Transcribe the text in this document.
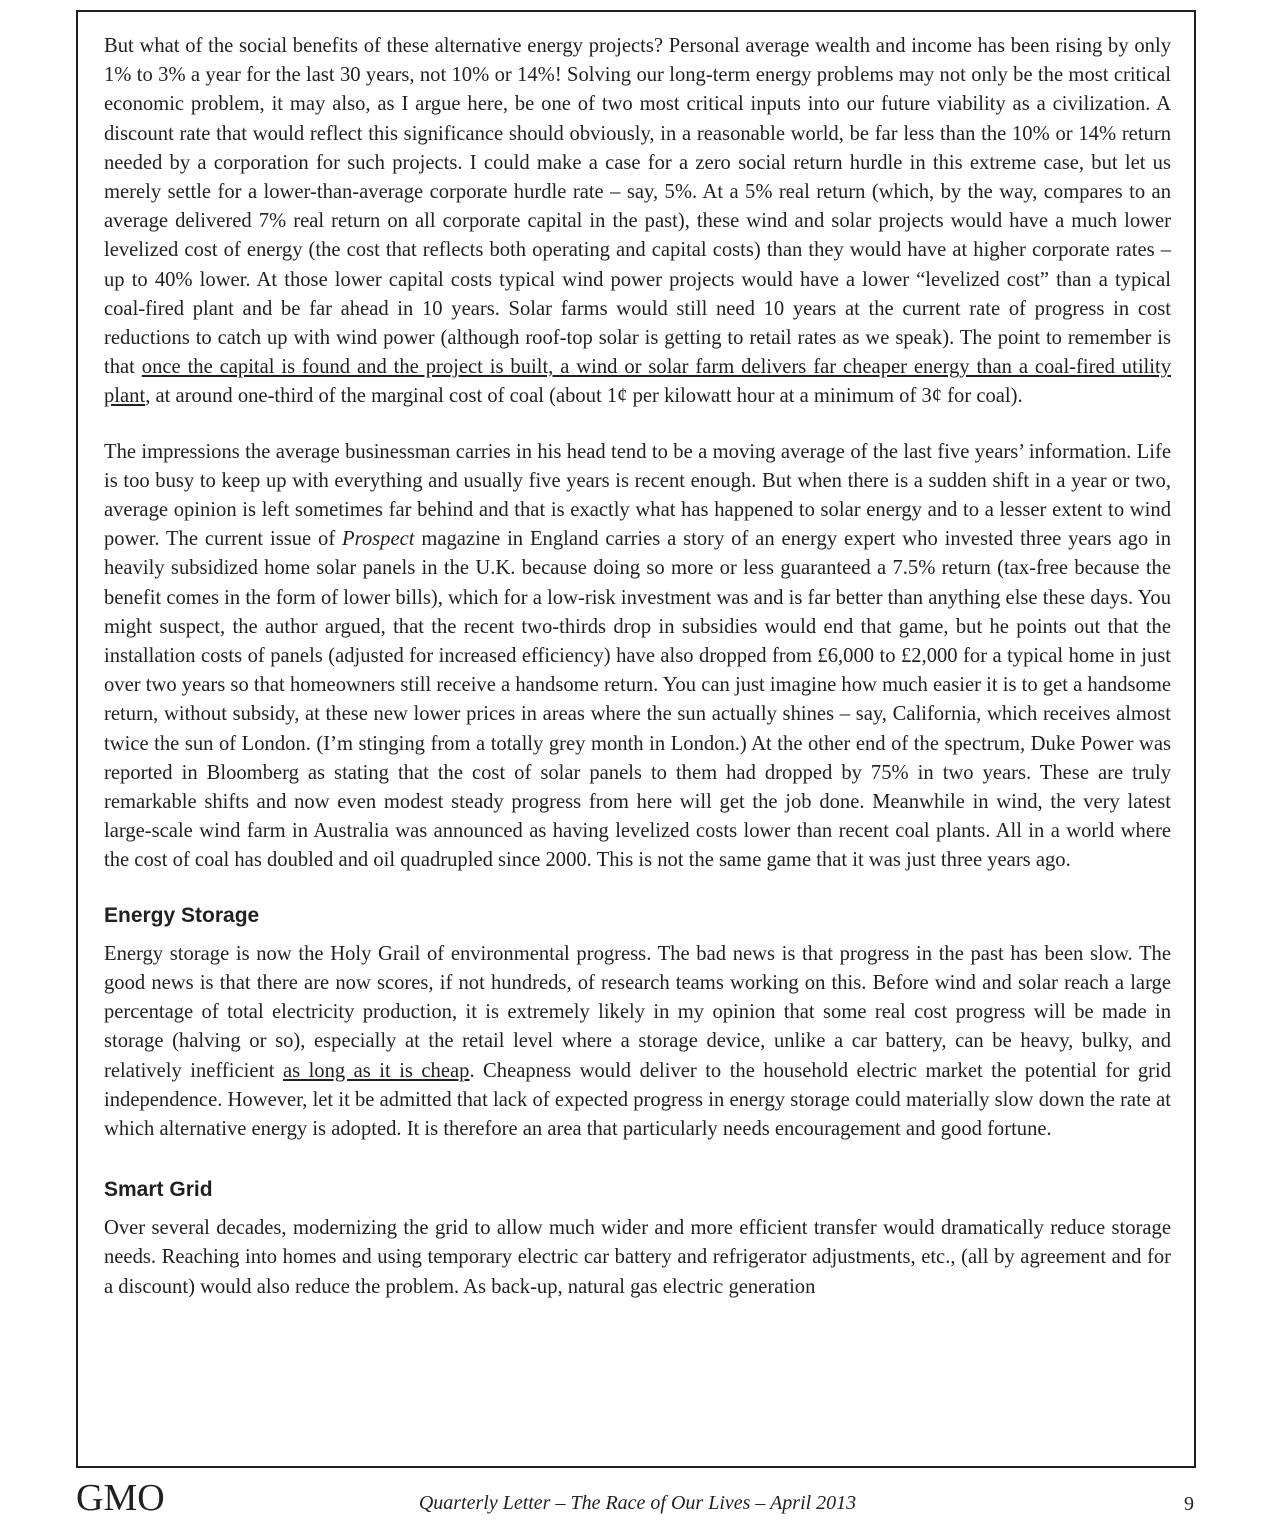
But what of the social benefits of these alternative energy projects? Personal average wealth and income has been rising by only 1% to 3% a year for the last 30 years, not 10% or 14%! Solving our long-term energy problems may not only be the most critical economic problem, it may also, as I argue here, be one of two most critical inputs into our future viability as a civilization. A discount rate that would reflect this significance should obviously, in a reasonable world, be far less than the 10% or 14% return needed by a corporation for such projects. I could make a case for a zero social return hurdle in this extreme case, but let us merely settle for a lower-than-average corporate hurdle rate – say, 5%. At a 5% real return (which, by the way, compares to an average delivered 7% real return on all corporate capital in the past), these wind and solar projects would have a much lower levelized cost of energy (the cost that reflects both operating and capital costs) than they would have at higher corporate rates – up to 40% lower. At those lower capital costs typical wind power projects would have a lower “levelized cost” than a typical coal-fired plant and be far ahead in 10 years. Solar farms would still need 10 years at the current rate of progress in cost reductions to catch up with wind power (although roof-top solar is getting to retail rates as we speak). The point to remember is that once the capital is found and the project is built, a wind or solar farm delivers far cheaper energy than a coal-fired utility plant, at around one-third of the marginal cost of coal (about 1¢ per kilowatt hour at a minimum of 3¢ for coal).

The impressions the average businessman carries in his head tend to be a moving average of the last five years’ information. Life is too busy to keep up with everything and usually five years is recent enough. But when there is a sudden shift in a year or two, average opinion is left sometimes far behind and that is exactly what has happened to solar energy and to a lesser extent to wind power. The current issue of Prospect magazine in England carries a story of an energy expert who invested three years ago in heavily subsidized home solar panels in the U.K. because doing so more or less guaranteed a 7.5% return (tax-free because the benefit comes in the form of lower bills), which for a low-risk investment was and is far better than anything else these days. You might suspect, the author argued, that the recent two-thirds drop in subsidies would end that game, but he points out that the installation costs of panels (adjusted for increased efficiency) have also dropped from £6,000 to £2,000 for a typical home in just over two years so that homeowners still receive a handsome return. You can just imagine how much easier it is to get a handsome return, without subsidy, at these new lower prices in areas where the sun actually shines – say, California, which receives almost twice the sun of London. (I’m stinging from a totally grey month in London.) At the other end of the spectrum, Duke Power was reported in Bloomberg as stating that the cost of solar panels to them had dropped by 75% in two years. These are truly remarkable shifts and now even modest steady progress from here will get the job done. Meanwhile in wind, the very latest large-scale wind farm in Australia was announced as having levelized costs lower than recent coal plants. All in a world where the cost of coal has doubled and oil quadrupled since 2000. This is not the same game that it was just three years ago.

Energy Storage

Energy storage is now the Holy Grail of environmental progress. The bad news is that progress in the past has been slow. The good news is that there are now scores, if not hundreds, of research teams working on this. Before wind and solar reach a large percentage of total electricity production, it is extremely likely in my opinion that some real cost progress will be made in storage (halving or so), especially at the retail level where a storage device, unlike a car battery, can be heavy, bulky, and relatively inefficient as long as it is cheap. Cheapness would deliver to the household electric market the potential for grid independence. However, let it be admitted that lack of expected progress in energy storage could materially slow down the rate at which alternative energy is adopted. It is therefore an area that particularly needs encouragement and good fortune.

Smart Grid

Over several decades, modernizing the grid to allow much wider and more efficient transfer would dramatically reduce storage needs. Reaching into homes and using temporary electric car battery and refrigerator adjustments, etc., (all by agreement and for a discount) would also reduce the problem. As back-up, natural gas electric generation

GMO	Quarterly Letter – The Race of Our Lives – April 2013	9
